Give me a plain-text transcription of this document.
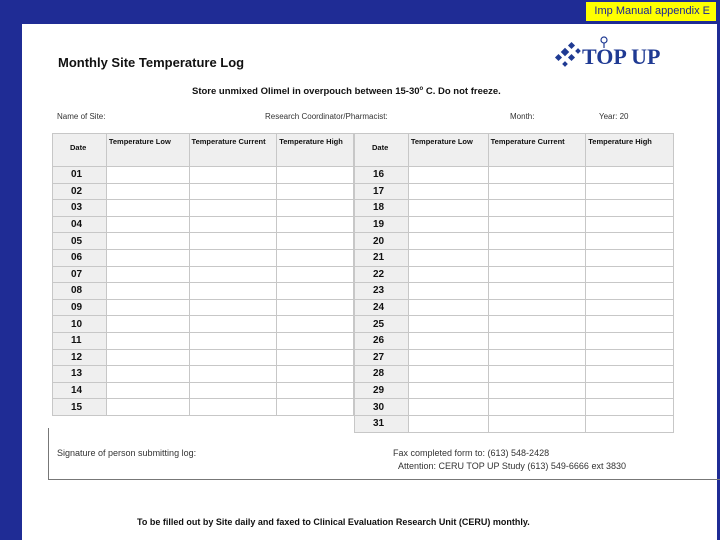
Imp Manual appendix E
Monthly Site Temperature Log	TOP UP
Store unmixed Olimel in overpouch between 15-30$^o$ C. Do not freeze.
Name of Site:	Research Coordinator/Pharmacist:	Month:	Year: 20
Date	Temperature Low	Temperature Current	Temperature High
01			
02			
03			
04			
05			
06			
07			
08			
09			
10			
11			
12			
13			
14			
15			
Date	Temperature Low	Temperature Current	Temperature High
16			
17			
18			
19			
20			
21			
22			
23			
24			
25			
26			
27			
28			
29			
30			
31			
Signature of person submitting log:	Fax completed form to: (613) 548-2428
Attention: CERU TOP UP Study (613) 549-6666 ext 3830
To be filled out by Site daily and faxed to Clinical Evaluation Research Unit (CERU) monthly.
